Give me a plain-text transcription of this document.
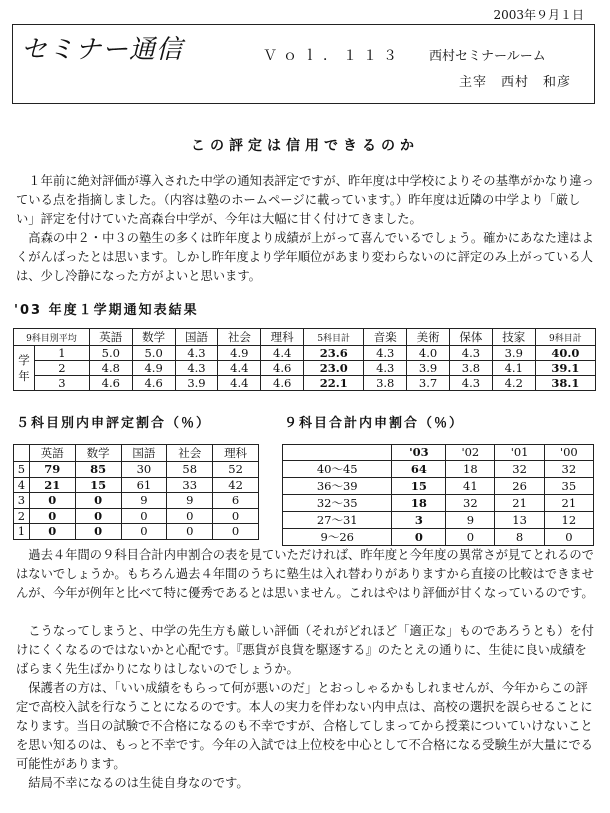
2003年９月１日
セミナー通信	Ｖｏｌ．１１３ 西村セミナールーム
主宰　西村　和彦
この評定は信用できるのか

１年前に絶対評価が導入された中学の通知表評定ですが、昨年度は中学校によりその基準がかなり違っている点を指摘しました。（内容は塾のホームページに載っています。）昨年度は近隣の中学より「厳しい」評定を付けていた高森台中学が、今年は大幅に甘く付けてきました。

高森の中２・中３の塾生の多くは昨年度より成績が上がって喜んでいるでしょう。確かにあなた達はよくがんばったとは思います。しかし昨年度より学年順位があまり変わらないのに評定のみ上がっている人は、少し冷静になった方がよいと思います。

'03 年度１学期通知表結果
9科目別平均		英語	数学	国語	社会	理科	5科目計	音楽	美術	保体	技家	9科目計
学年	1	5.0	5.0	4.3	4.9	4.4	23.6	4.3	4.0	4.3	3.9	40.0
	2	4.8	4.9	4.3	4.4	4.6	23.0	4.3	3.9	3.8	4.1	39.1
	3	4.6	4.6	3.9	4.4	4.6	22.1	3.8	3.7	4.3	4.2	38.1
５科目別内申評定割合（％）	９科目合計内申割合（％）
	英語	数学	国語	社会	理科
5	79	85	30	58	52
4	21	15	61	33	42
3	0	0	9	9	6
2	0	0	0	0	0
1	0	0	0	0	0
	'03	'02	'01	'00
40～45	64	18	32	32
36～39	15	41	26	35
32～35	18	32	21	21
27～31	3	9	13	12
9～26	0	0	8	0

過去４年間の９科目合計内申割合の表を見ていただければ、昨年度と今年度の異常さが見てとれるのではないでしょうか。もちろん過去４年間のうちに塾生は入れ替わりがありますから直接の比較はできませんが、今年が例年と比べて特に優秀であるとは思いません。これはやはり評価が甘くなっているのです。

こうなってしまうと、中学の先生方も厳しい評価（それがどれほど「適正な」ものであろうとも）を付けにくくなるのではないかと心配です。『悪貨が良貨を駆逐する』のたとえの通りに、生徒に良い成績をばらまく先生ばかりになりはしないのでしょうか。

保護者の方は、「いい成績をもらって何が悪いのだ」とおっしゃるかもしれませんが、今年からこの評定で高校入試を行なうことになるのです。本人の実力を伴わない内申点は、高校の選択を誤らせることになります。当日の試験で不合格になるのも不幸ですが、合格してしまってから授業についていけないことを思い知るのは、もっと不幸です。今年の入試では上位校を中心として不合格になる受験生が大量にでる可能性があります。

結局不幸になるのは生徒自身なのです。
